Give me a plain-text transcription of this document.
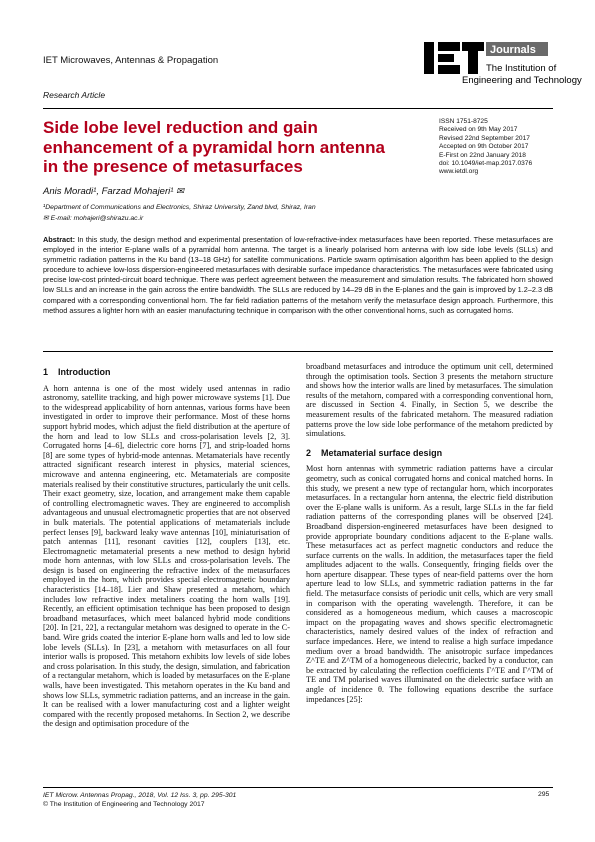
IET Microwaves, Antennas & Propagation
Research Article
Journals
The Institution of
Engineering and Technology
Side lobe level reduction and gain enhancement of a pyramidal horn antenna in the presence of metasurfaces
ISSN 1751-8725
Received on 9th May 2017
Revised 22nd September 2017
Accepted on 9th October 2017
E-First on 22nd January 2018
doi: 10.1049/iet-map.2017.0376
www.ietdl.org
Anis Moradi¹, Farzad Mohajeri¹ ✉
¹Department of Communications and Electronics, Shiraz University, Zand blvd, Shiraz, Iran
✉ E-mail: mohajeri@shirazu.ac.ir
Abstract: In this study, the design method and experimental presentation of low-refractive-index metasurfaces have been reported. These metasurfaces are employed in the interior E-plane walls of a pyramidal horn antenna. The target is a linearly polarised horn antenna with low side lobe levels (SLLs) and symmetric radiation patterns in the Ku band (13–18 GHz) for satellite communications. Particle swarm optimisation algorithm has been applied to the design procedure to achieve low-loss dispersion-engineered metasurfaces with desirable surface impedance characteristics. The metasurfaces were fabricated using precise low-cost printed-circuit board technique. There was perfect agreement between the measurement and simulation results. The fabricated horn showed low SLLs and an increase in the gain across the entire bandwidth. The SLLs are reduced by 14–29 dB in the E-planes and the gain is improved by 1.2–2.3 dB compared with a corresponding conventional horn. The far field radiation patterns of the metahorn verify the metasurface design approach. Furthermore, this method assures a lighter horn with an easier manufacturing technique in comparison with the other conventional horns, such as corrugated horns.
1 Introduction

A horn antenna is one of the most widely used antennas in radio astronomy, satellite tracking, and high power microwave systems [1]. Due to the widespread applicability of horn antennas, various forms have been investigated in order to improve their performance. Most of these horns support hybrid modes, which adjust the field distribution at the aperture of the horn and lead to low SLLs and cross-polarisation levels [2, 3]. Corrugated horns [4–6], dielectric core horns [7], and strip-loaded horns [8] are some types of hybrid-mode antennas. Metamaterials have recently attracted significant research interest in physics, material sciences, microwave and antenna engineering, etc. Metamaterials are composite materials realised by their constitutive structures, particularly the unit cells. Their exact geometry, size, location, and arrangement make them capable of controlling electromagnetic waves. They are engineered to accomplish advantageous and unusual electromagnetic properties that are not observed in bulk materials. The potential applications of metamaterials include perfect lenses [9], backward leaky wave antennas [10], miniaturisation of patch antennas [11], resonant cavities [12], couplers [13], etc. Electromagnetic metamaterial presents a new method to design hybrid mode horn antennas, with low SLLs and cross-polarisation levels. The design is based on engineering the refractive index of the metasurfaces employed in the horn, which provides special electromagnetic boundary characteristics [14–18]. Lier and Shaw presented a metahorn, which includes low refractive index metaliners coating the horn walls [19]. Recently, an efficient optimisation technique has been proposed to design broadband metasurfaces, which meet balanced hybrid mode conditions [20]. In [21, 22], a rectangular metahorn was designed to operate in the C-band. Wire grids coated the interior E-plane horn walls and led to low side lobe levels (SLLs). In [23], a metahorn with metasurfaces on all four interior walls is proposed. This metahorn exhibits low levels of side lobes and cross polarisation. In this study, the design, simulation, and fabrication of a rectangular metahorn, which is loaded by metasurfaces on the E-plane walls, have been investigated. This metahorn operates in the Ku band and shows low SLLs, symmetric radiation patterns, and an increase in the gain. It can be realised with a lower manufacturing cost and a lighter weight compared with the recently proposed metahorns. In Section 2, we describe the design and optimisation procedure of the

broadband metasurfaces and introduce the optimum unit cell, determined through the optimisation tools. Section 3 presents the metahorn structure and shows how the interior walls are lined by metasurfaces. The simulation results of the metahorn, compared with a corresponding conventional horn, are discussed in Section 4. Finally, in Section 5, we describe the measurement results of the fabricated metahorn. The measured radiation patterns prove the low side lobe performance of the metahorn predicted by simulations.

2 Metamaterial surface design

Most horn antennas with symmetric radiation patterns have a circular geometry, such as conical corrugated horns and conical matched horns. In this study, we present a new type of rectangular horn, which incorporates metasurfaces. In a rectangular horn antenna, the electric field distribution over the E-plane walls is uniform. As a result, large SLLs in the far field radiation patterns of the corresponding planes will be observed [24]. Broadband dispersion-engineered metasurfaces have been designed to provide appropriate boundary conditions adjacent to the E-plane walls. These metasurfaces act as perfect magnetic conductors and reduce the surface currents on the walls. In addition, the metasurfaces taper the field amplitudes adjacent to the walls. Consequently, fringing fields over the horn aperture disappear. These types of near-field patterns over the horn aperture lead to low SLLs, and symmetric radiation patterns in the far field. The metasurface consists of periodic unit cells, which are very small in comparison with the operating wavelength. Therefore, it can be considered as a homogeneous medium, which causes a macroscopic impact on the propagating waves and shows specific electromagnetic characteristics, namely desired values of the index of refraction and surface impedances. Here, we intend to realise a high surface impedance medium over a broad bandwidth. The anisotropic surface impedances Z^TE and Z^TM of a homogeneous dielectric, backed by a conductor, can be extracted by calculating the reflection coefficients Γ^TE and Γ^TM of TE and TM polarised waves illuminated on the dielectric surface with an angle of incidence θ. The following equations describe the surface impedances [25]:

IET Microw. Antennas Propag., 2018, Vol. 12 Iss. 3, pp. 295-301
© The Institution of Engineering and Technology 2017
295
